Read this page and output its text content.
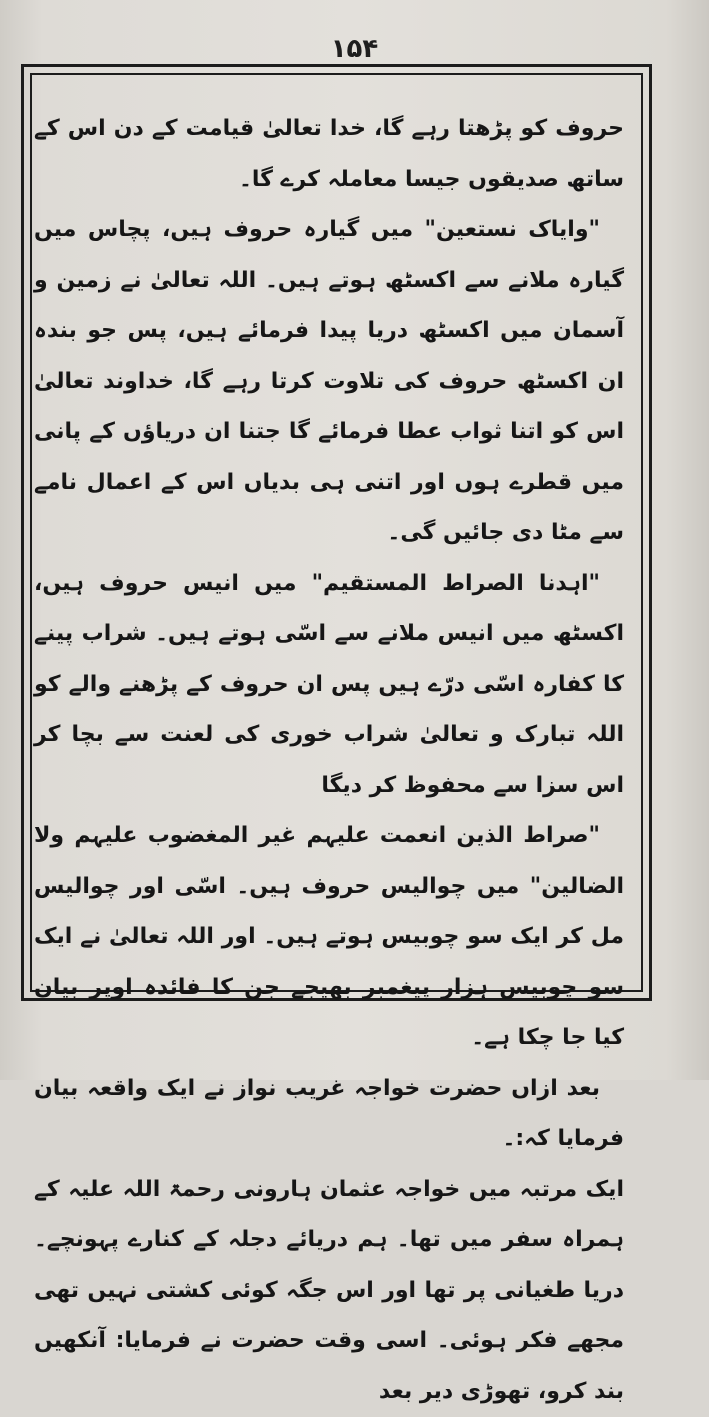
۱۵۴

حروف کو پڑھتا رہے گا، خدا تعالیٰ قیامت کے دن اس کے ساتھ صدیقوں جیسا معاملہ کرے گا۔

"وایاک نستعین" میں گیارہ حروف ہیں، پچاس میں گیارہ ملانے سے اکسٹھ ہوتے ہیں۔ اللہ تعالیٰ نے زمین و آسمان میں اکسٹھ دریا پیدا فرمائے ہیں، پس جو بندہ ان اکسٹھ حروف کی تلاوت کرتا رہے گا، خداوند تعالیٰ اس کو اتنا ثواب عطا فرمائے گا جتنا ان دریاؤں کے پانی میں قطرے ہوں اور اتنی ہی بدیاں اس کے اعمال نامے سے مٹا دی جائیں گی۔

"اہدنا الصراط المستقیم" میں انیس حروف ہیں، اکسٹھ میں انیس ملانے سے اسّی ہوتے ہیں۔ شراب پینے کا کفارہ اسّی درّے ہیں پس ان حروف کے پڑھنے والے کو اللہ تبارک و تعالیٰ شراب خوری کی لعنت سے بچا کر اس سزا سے محفوظ کر دیگا

"صراط الذین انعمت علیہم غیر المغضوب علیہم ولا الضالین" میں چوالیس حروف ہیں۔ اسّی اور چوالیس مل کر ایک سو چوبیس ہوتے ہیں۔ اور اللہ تعالیٰ نے ایک سو چوبیس ہزار پیغمبر بھیجے جن کا فائدہ اوپر بیان کیا جا چکا ہے۔

بعد ازاں حضرت خواجہ غریب نواز نے ایک واقعہ بیان فرمایا کہ:۔

ایک مرتبہ میں خواجہ عثمان ہارونی رحمۃ اللہ علیہ کے ہمراہ سفر میں تھا۔ ہم دریائے دجلہ کے کنارے پہونچے۔ دریا طغیانی پر تھا اور اس جگہ کوئی کشتی نہیں تھی مجھے فکر ہوئی۔ اسی وقت حضرت نے فرمایا: آنکھیں بند کرو، تھوڑی دیر بعد
